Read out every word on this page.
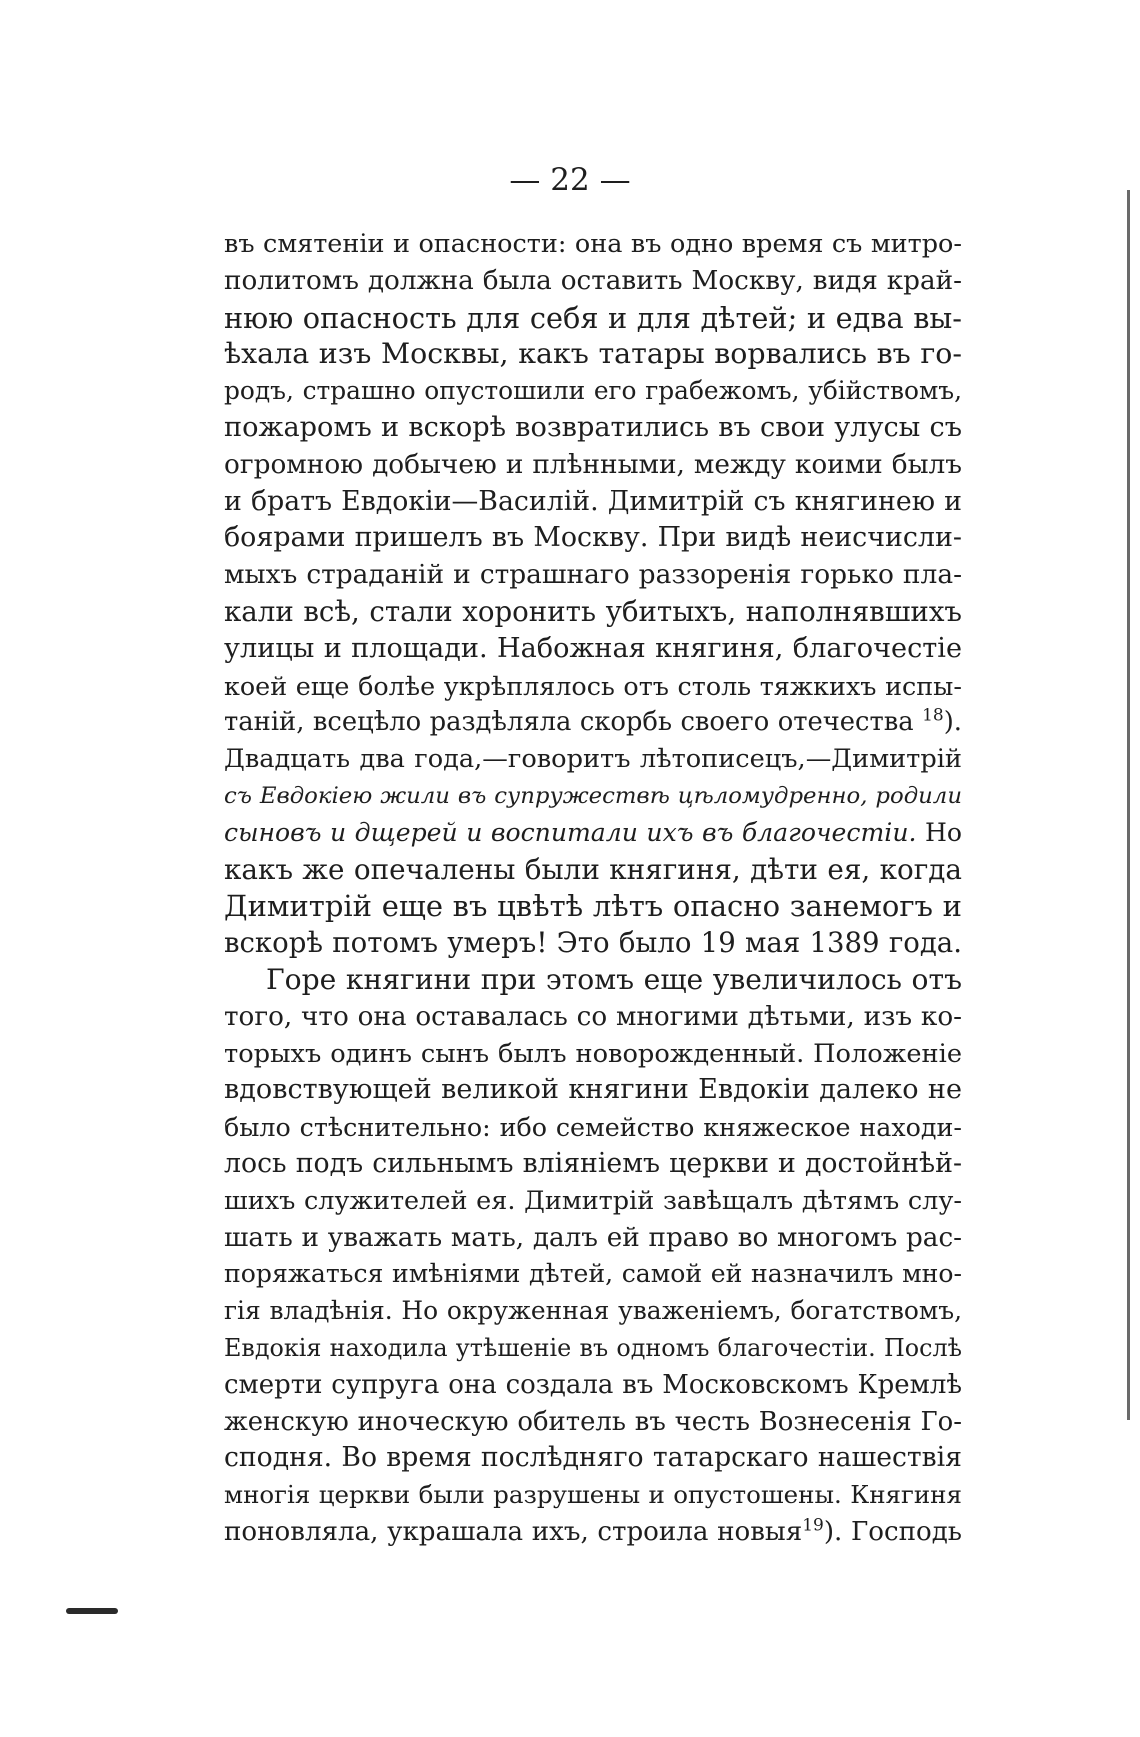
— 22 —
въ смятеніи и опасности: она въ одно время съ митро-
политомъ должна была оставить Москву, видя край-
нюю опасность для себя и для дѣтей; и едва вы-
ѣхала изъ Москвы, какъ татары ворвались въ го-
родъ, страшно опустошили его грабежомъ, убійствомъ,
пожаромъ и вскорѣ возвратились въ свои улусы съ
огромною добычею и плѣнными, между коими былъ
и братъ Евдокіи—Василій. Димитрій съ княгинею и
боярами пришелъ въ Москву. При видѣ неисчисли-
мыхъ страданій и страшнаго раззоренія горько пла-
кали всѣ, стали хоронить убитыхъ, наполнявшихъ
улицы и площади. Набожная княгиня, благочестіе
коей еще болѣе укрѣплялось отъ столь тяжкихъ испы-
таній, всецѣло раздѣляла скорбь своего отечества $^{18}$).
Двадцать два года,—говоритъ лѣтописецъ,—Димитрій
съ Евдокіею жили въ супружествѣ цѣломудренно, родили
сыновъ и дщерей и воспитали ихъ въ благочестіи. Но
какъ же опечалены были княгиня, дѣти ея, когда
Димитрій еще въ цвѣтѣ лѣтъ опасно занемогъ и
вскорѣ потомъ умеръ! Это было 19 мая 1389 года.
Горе княгини при этомъ еще увеличилось отъ
того, что она оставалась со многими дѣтьми, изъ ко-
торыхъ одинъ сынъ былъ новорожденный. Положеніе
вдовствующей великой княгини Евдокіи далеко не
было стѣснительно: ибо семейство княжеское находи-
лось подъ сильнымъ вліяніемъ церкви и достойнѣй-
шихъ служителей ея. Димитрій завѣщалъ дѣтямъ слу-
шать и уважать мать, далъ ей право во многомъ рас-
поряжаться имѣніями дѣтей, самой ей назначилъ мно-
гія владѣнія. Но окруженная уваженіемъ, богатствомъ,
Евдокія находила утѣшеніе въ одномъ благочестіи. Послѣ
смерти супруга она создала въ Московскомъ Кремлѣ
женскую иноческую обитель въ честь Вознесенія Го-
сподня. Во время послѣдняго татарскаго нашествія
многія церкви были разрушены и опустошены. Княгиня
поновляла, украшала ихъ, строила новыя$^{19}$). Господь
